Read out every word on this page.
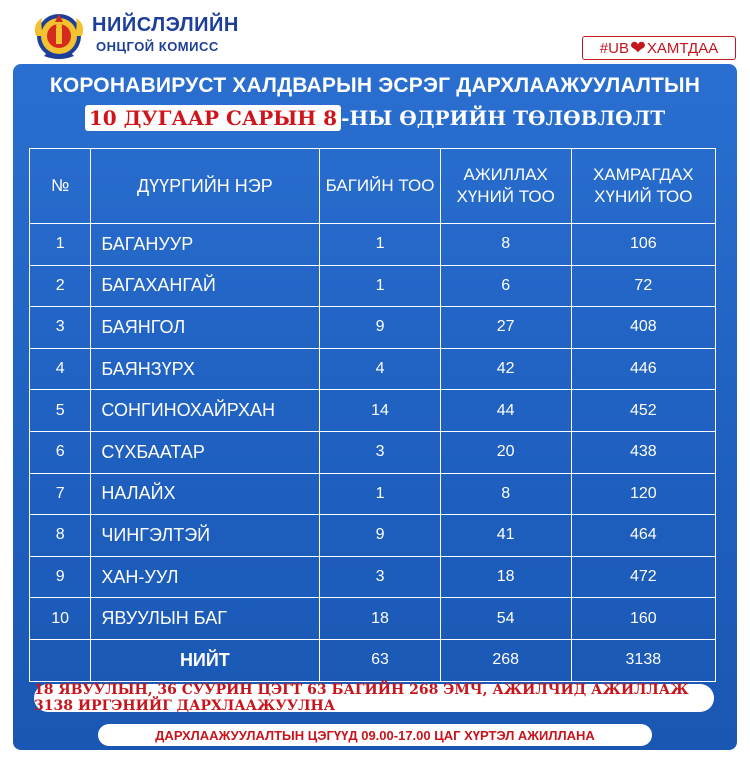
НИЙСЛЭЛИЙН
ОНЦГОЙ КОМИСС	#UB ❤ ХАМТДАА
КОРОНАВИРУСТ ХАЛДВАРЫН ЭСРЭГ ДАРХЛААЖУУЛАЛТЫН
10 ДУГААР САРЫН 8 -НЫ ӨДРИЙН ТӨЛӨВЛӨЛТ
№	ДҮҮРГИЙН НЭР	БАГИЙН ТОО	АЖИЛЛАХ ХҮНИЙ ТОО	ХАМРАГДАХ ХҮНИЙ ТОО
1	БАГАНУУР	1	8	106
2	БАГАХАНГАЙ	1	6	72
3	БАЯНГОЛ	9	27	408
4	БАЯНЗҮРХ	4	42	446
5	СОНГИНОХАЙРХАН	14	44	452
6	СҮХБААТАР	3	20	438
7	НАЛАЙХ	1	8	120
8	ЧИНГЭЛТЭЙ	9	41	464
9	ХАН-УУЛ	3	18	472
10	ЯВУУЛЫН БАГ	18	54	160
	НИЙТ	63	268	3138
18 ЯВУУЛЫН, 36 СУУРИН ЦЭГТ 63 БАГИЙН 268 ЭМЧ, АЖИЛЧИД АЖИЛЛАЖ 3138 ИРГЭНИЙГ ДАРХЛААЖУУЛНА
ДАРХЛААЖУУЛАЛТЫН ЦЭГҮҮД 09.00-17.00 ЦАГ ХҮРТЭЛ АЖИЛЛАНА
